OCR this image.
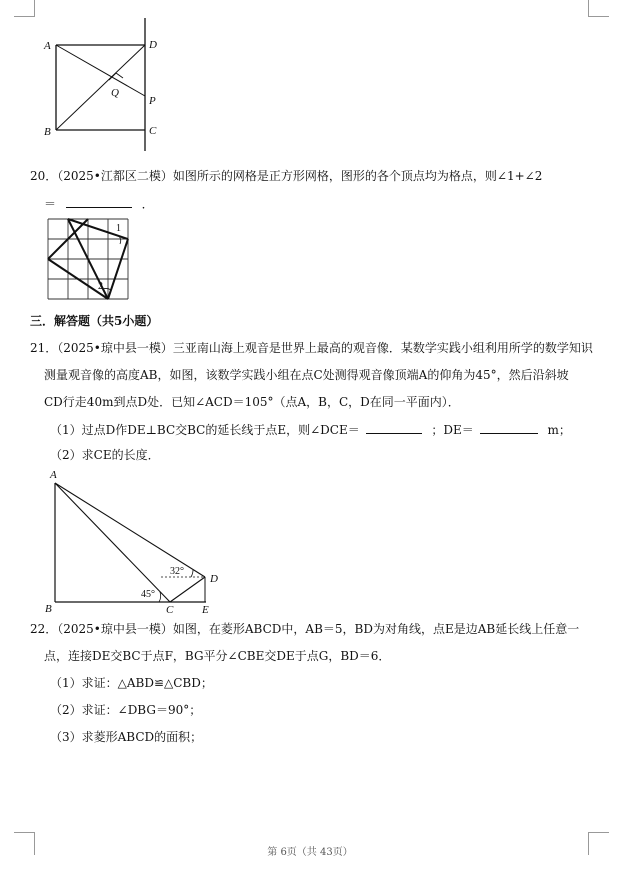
A	D
Q
P
B	C
20．（2025•江都区二模）如图所示的网格是正方形网格，图形的各个顶点均为格点，则∠1+∠2
＝	．
1
2
三．解答题（共5小题）
21．（2025•琼中县一模）三亚南山海上观音是世界上最高的观音像．某数学实践小组利用所学的数学知识
测量观音像的高度AB，如图，该数学实践小组在点C处测得观音像顶端A的仰角为45°，然后沿斜坡
CD行走40m到点D处．已知∠ACD＝105°（点A，B，C，D在同一平面内）．
（1）过点D作DE⊥BC交BC的延长线于点E，则∠DCE＝	；DE＝	m；
（2）求CE的长度．
A
B	C
D
E
32°
45°
22．（2025•琼中县一模）如图，在菱形ABCD中，AB＝5，BD为对角线，点E是边AB延长线上任意一
点，连接DE交BC于点F，BG平分∠CBE交DE于点G，BD＝6．
（1）求证：△ABD≌△CBD；
（2）求证：∠DBG＝90°；
（3）求菱形ABCD的面积；
第 6页（共 43页）
